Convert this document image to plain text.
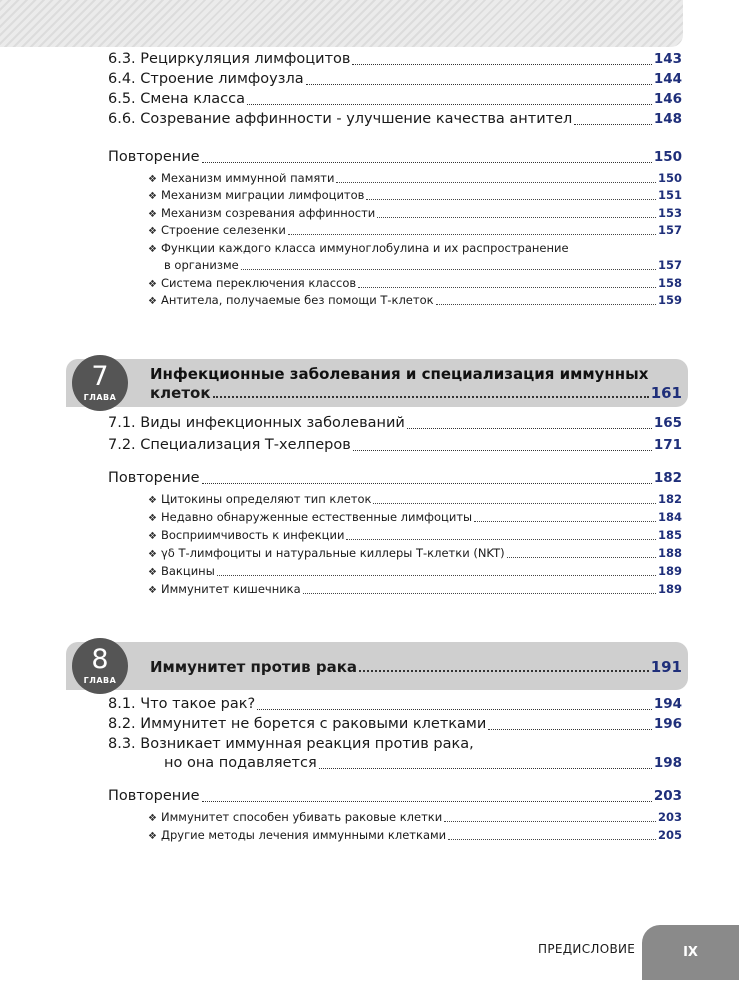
6.3. Рециркуляция лимфоцитов	143
6.4. Строение лимфоузла	144
6.5. Смена класса	146
6.6. Созревание аффинности - улучшение качества антител	148
Повторение	150
❖ Механизм иммунной памяти	150
❖ Механизм миграции лимфоцитов	151
❖ Механизм созревания аффинности	153
❖ Строение селезенки	157
❖ Функции каждого класса иммуноглобулина и их распространение
в организме	157
❖ Система переключения классов	158
❖ Антитела, получаемые без помощи Т-клеток	159
7.1. Виды инфекционных заболеваний	165
7.2. Специализация Т-хелперов	171
Повторение	182
❖ Цитокины определяют тип клеток	182
❖ Недавно обнаруженные естественные лимфоциты	184
❖ Восприимчивость к инфекции	185
❖ γδ Т-лимфоциты и натуральные киллеры Т-клетки (NKT)	188
❖ Вакцины	189
❖ Иммунитет кишечника	189
8.1. Что такое рак?	194
8.2. Иммунитет не борется с раковыми клетками	196
8.3. Возникает иммунная реакция против рака,
но она подавляется	198
Повторение	203
❖ Иммунитет способен убивать раковые клетки	203
❖ Другие методы лечения иммунными клетками	205
7
ГЛАВА
Инфекционные заболевания и специализация иммунных
клеток	161
8
ГЛАВА
Иммунитет против рака	191
ПРЕДИСЛОВИЕ	IX
